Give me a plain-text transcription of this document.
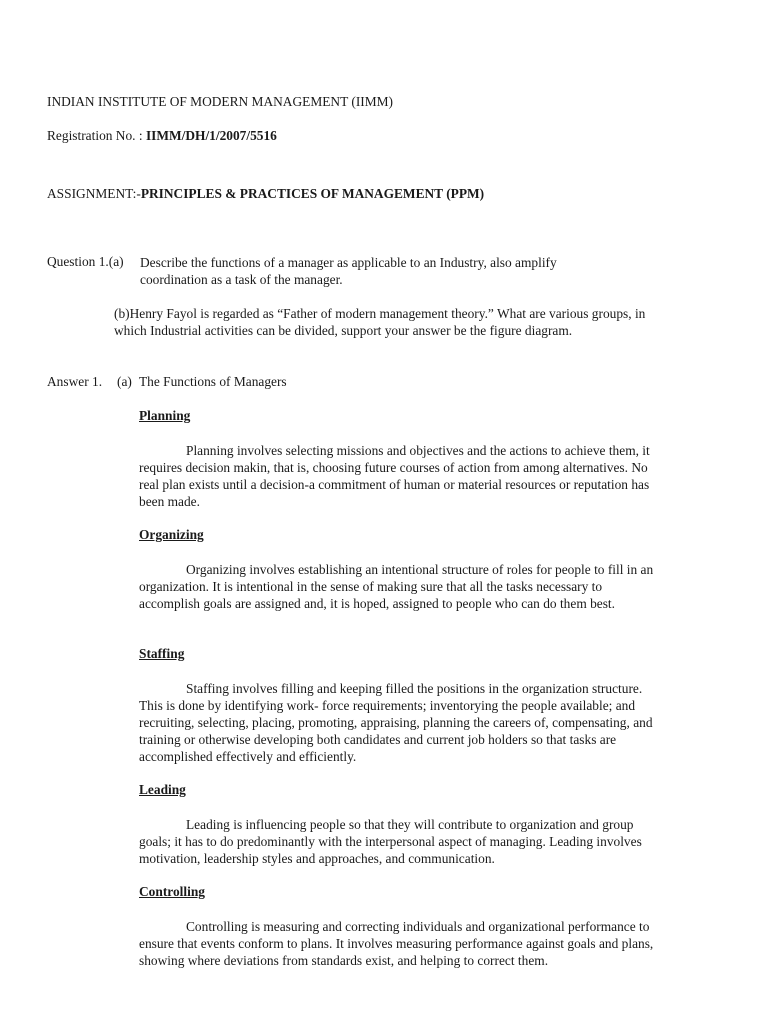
INDIAN INSTITUTE OF MODERN MANAGEMENT (IIMM)
Registration No. : IIMM/DH/1/2007/5516
ASSIGNMENT:-PRINCIPLES & PRACTICES OF MANAGEMENT (PPM)
Question 1.(a) Describe the functions of a manager as applicable to an Industry, also amplify coordination as a task of the manager.
(b)Henry Fayol is regarded as “Father of modern management theory.” What are various groups, in which Industrial activities can be divided, support your answer be the figure diagram.
Answer 1. (a) The Functions of Managers
Planning
Planning involves selecting missions and objectives and the actions to achieve them, it requires decision makin, that is, choosing future courses of action from among alternatives. No real plan exists until a decision-a commitment of human or material resources or reputation has been made.
Organizing
Organizing involves establishing an intentional structure of roles for people to fill in an organization. It is intentional in the sense of making sure that all the tasks necessary to accomplish goals are assigned and, it is hoped, assigned to people who can do them best.
Staffing
Staffing involves filling and keeping filled the positions in the organization structure. This is done by identifying work- force requirements; inventorying the people available; and recruiting, selecting, placing, promoting, appraising, planning the careers of, compensating, and training or otherwise developing both candidates and current job holders so that tasks are accomplished effectively and efficiently.
Leading
Leading is influencing people so that they will contribute to organization and group goals; it has to do predominantly with the interpersonal aspect of managing. Leading involves motivation, leadership styles and approaches, and communication.
Controlling
Controlling is measuring and correcting individuals and organizational performance to ensure that events conform to plans. It involves measuring performance against goals and plans, showing where deviations from standards exist, and helping to correct them.
